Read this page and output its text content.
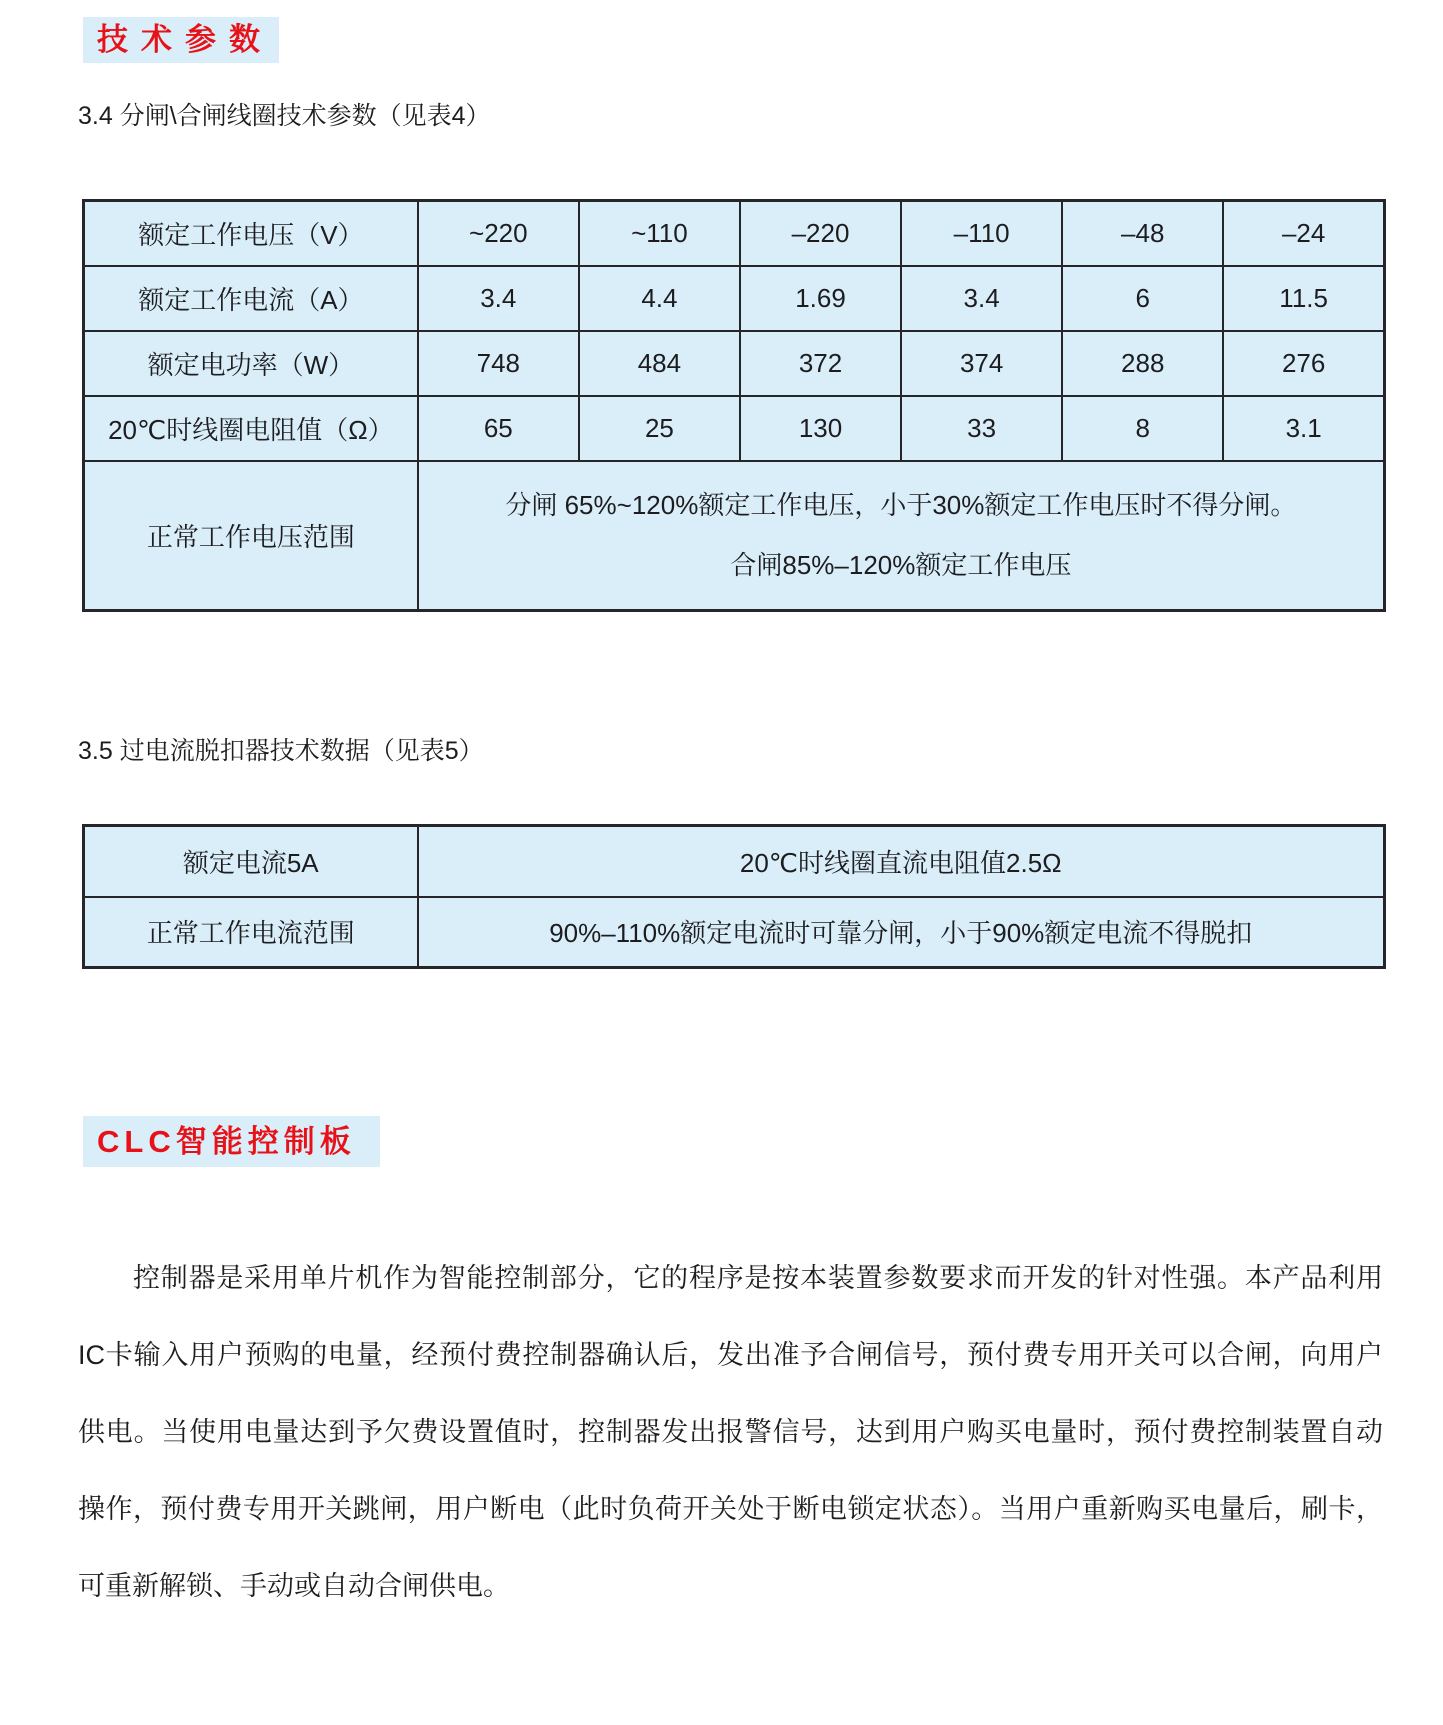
技术参数
3.4 分闸\合闸线圈技术参数（见表4）
额定工作电压（V）	~220	~110	–220	–110	–48	–24
额定工作电流（A）	3.4	4.4	1.69	3.4	6	11.5
额定电功率（W）	748	484	372	374	288	276
20℃时线圈电阻值（Ω）	65	25	130	33	8	3.1
正常工作电压范围	分闸 65%~120%额定工作电压，小于30%额定工作电压时不得分闸。
合闸85%–120%额定工作电压					
3.5 过电流脱扣器技术数据（见表5）
额定电流5A	20℃时线圈直流电阻值2.5Ω
正常工作电流范围	90%–110%额定电流时可靠分闸，小于90%额定电流不得脱扣
CLC智能控制板
控制器是采用单片机作为智能控制部分，它的程序是按本装置参数要求而开发的针对性强。本产品利用
IC卡输入用户预购的电量，经预付费控制器确认后，发出准予合闸信号，预付费专用开关可以合闸，向用户
供电。当使用电量达到予欠费设置值时，控制器发出报警信号，达到用户购买电量时，预付费控制装置自动
操作，预付费专用开关跳闸，用户断电（此时负荷开关处于断电锁定状态）。当用户重新购买电量后，刷卡，
可重新解锁、手动或自动合闸供电。
